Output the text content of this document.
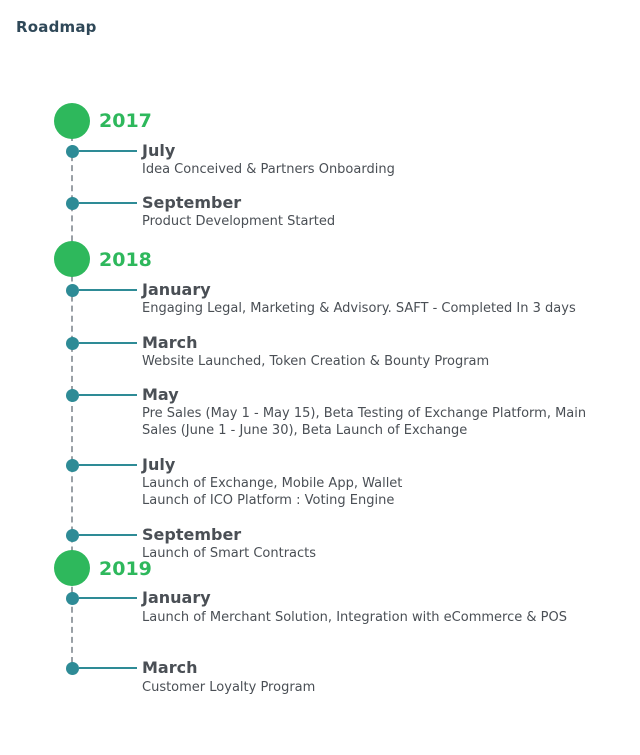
Roadmap
2017
July
Idea Conceived & Partners Onboarding
September
Product Development Started
2018
January
Engaging Legal, Marketing & Advisory. SAFT - Completed In 3 days
March
Website Launched, Token Creation & Bounty Program
May
Pre Sales (May 1 - May 15), Beta Testing of Exchange Platform, Main
Sales (June 1 - June 30), Beta Launch of Exchange
July
Launch of Exchange, Mobile App, Wallet
Launch of ICO Platform : Voting Engine
September
Launch of Smart Contracts
2019
January
Launch of Merchant Solution, Integration with eCommerce & POS
March
Customer Loyalty Program
